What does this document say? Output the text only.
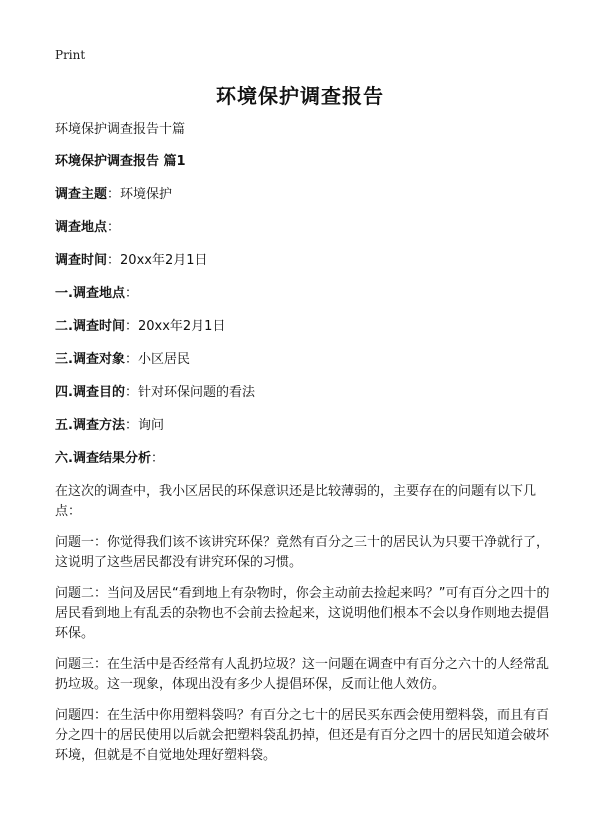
Print
环境保护调查报告

环境保护调查报告十篇

环境保护调查报告 篇1

调查主题：环境保护

调查地点：

调查时间：20xx年2月1日

一.调查地点：

二.调查时间：20xx年2月1日

三.调查对象：小区居民

四.调查目的：针对环保问题的看法

五.调查方法：询问

六.调查结果分析：

在这次的调查中，我小区居民的环保意识还是比较薄弱的，主要存在的问题有以下几点：

问题一：你觉得我们该不该讲究环保？竟然有百分之三十的居民认为只要干净就行了，这说明了这些居民都没有讲究环保的习惯。

问题二：当问及居民“看到地上有杂物时，你会主动前去捡起来吗？”可有百分之四十的居民看到地上有乱丢的杂物也不会前去捡起来，这说明他们根本不会以身作则地去提倡环保。

问题三：在生活中是否经常有人乱扔垃圾？这一问题在调查中有百分之六十的人经常乱扔垃圾。这一现象，体现出没有多少人提倡环保，反而让他人效仿。

问题四：在生活中你用塑料袋吗？有百分之七十的居民买东西会使用塑料袋，而且有百分之四十的居民使用以后就会把塑料袋乱扔掉，但还是有百分之四十的居民知道会破坏环境，但就是不自觉地处理好塑料袋。
